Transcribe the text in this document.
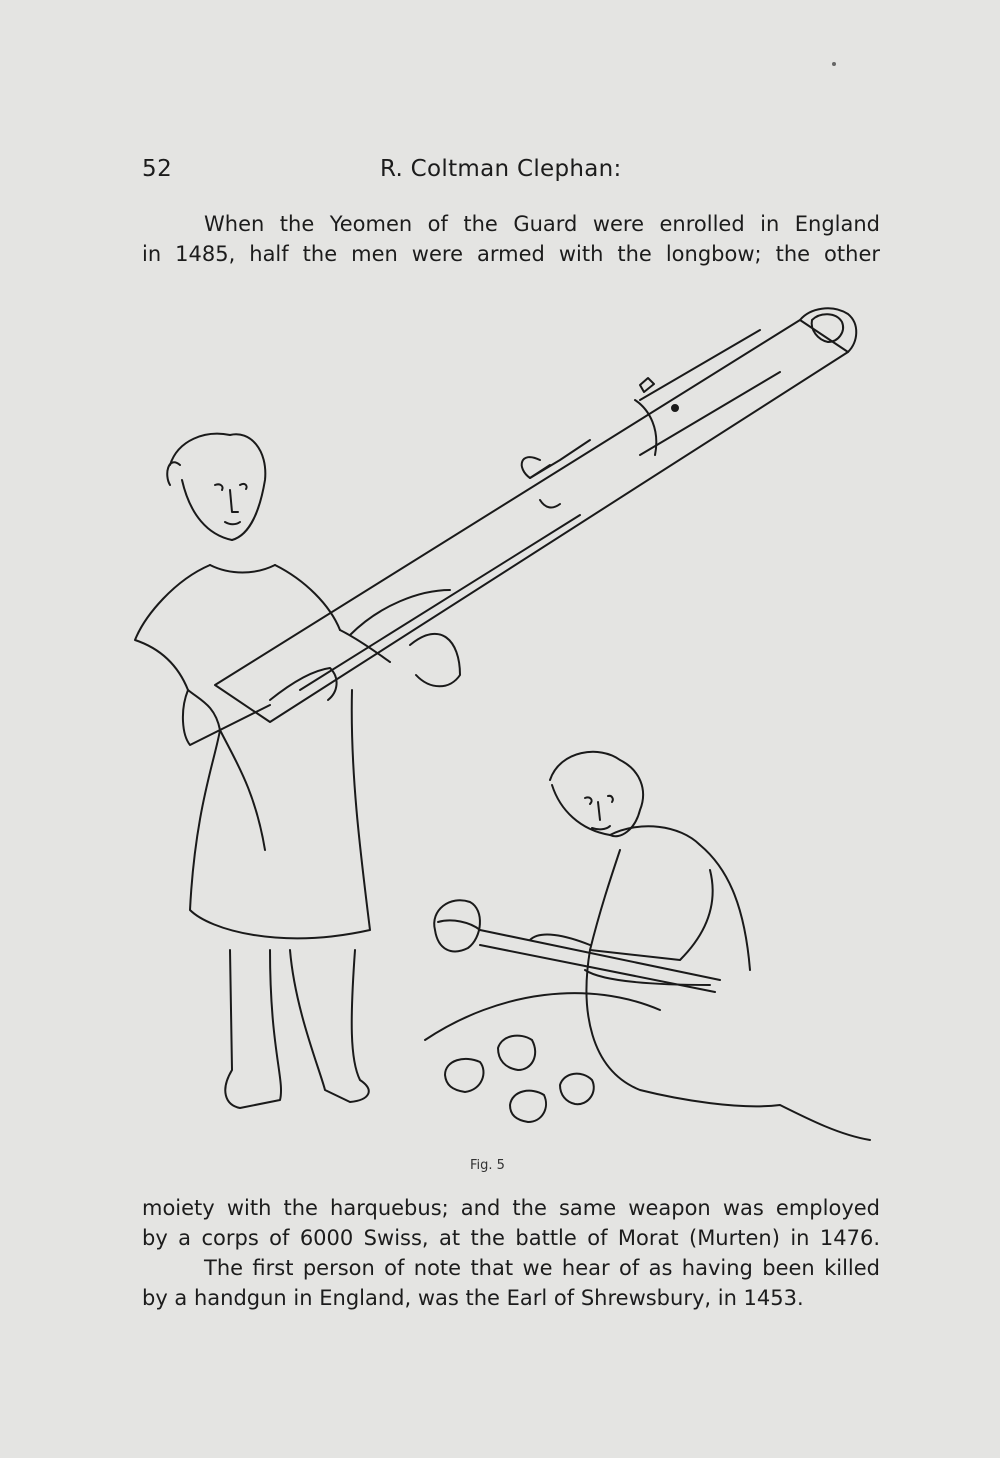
52	R. Coltman Clephan:
When the Yeomen of the Guard were enrolled in England
in 1485, half the men were armed with the longbow; the other
Fig. 5
moiety with the harquebus; and the same weapon was employed
by a corps of 6000 Swiss, at the battle of Morat (Murten) in 1476.
The first person of note that we hear of as having been killed
by a handgun in England, was the Earl of Shrewsbury, in 1453.
